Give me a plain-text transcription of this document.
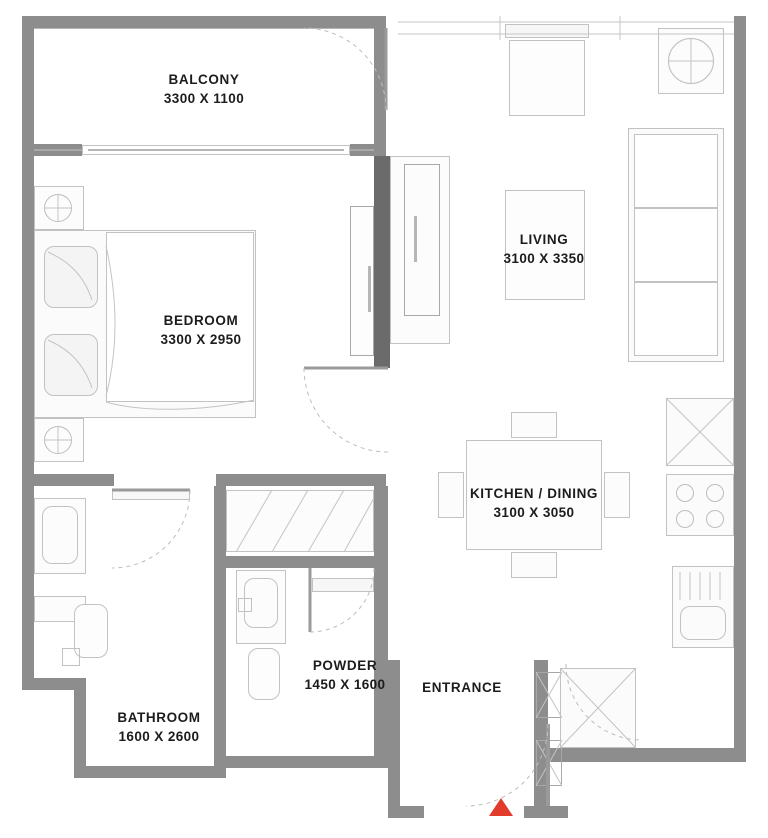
BALCONY
3300 X 1100
BEDROOM
3300 X 2950
LIVING
3100 X 3350
KITCHEN / DINING
3100 X 3050
POWDER
1450 X 1600
BATHROOM
1600 X 2600
ENTRANCE
